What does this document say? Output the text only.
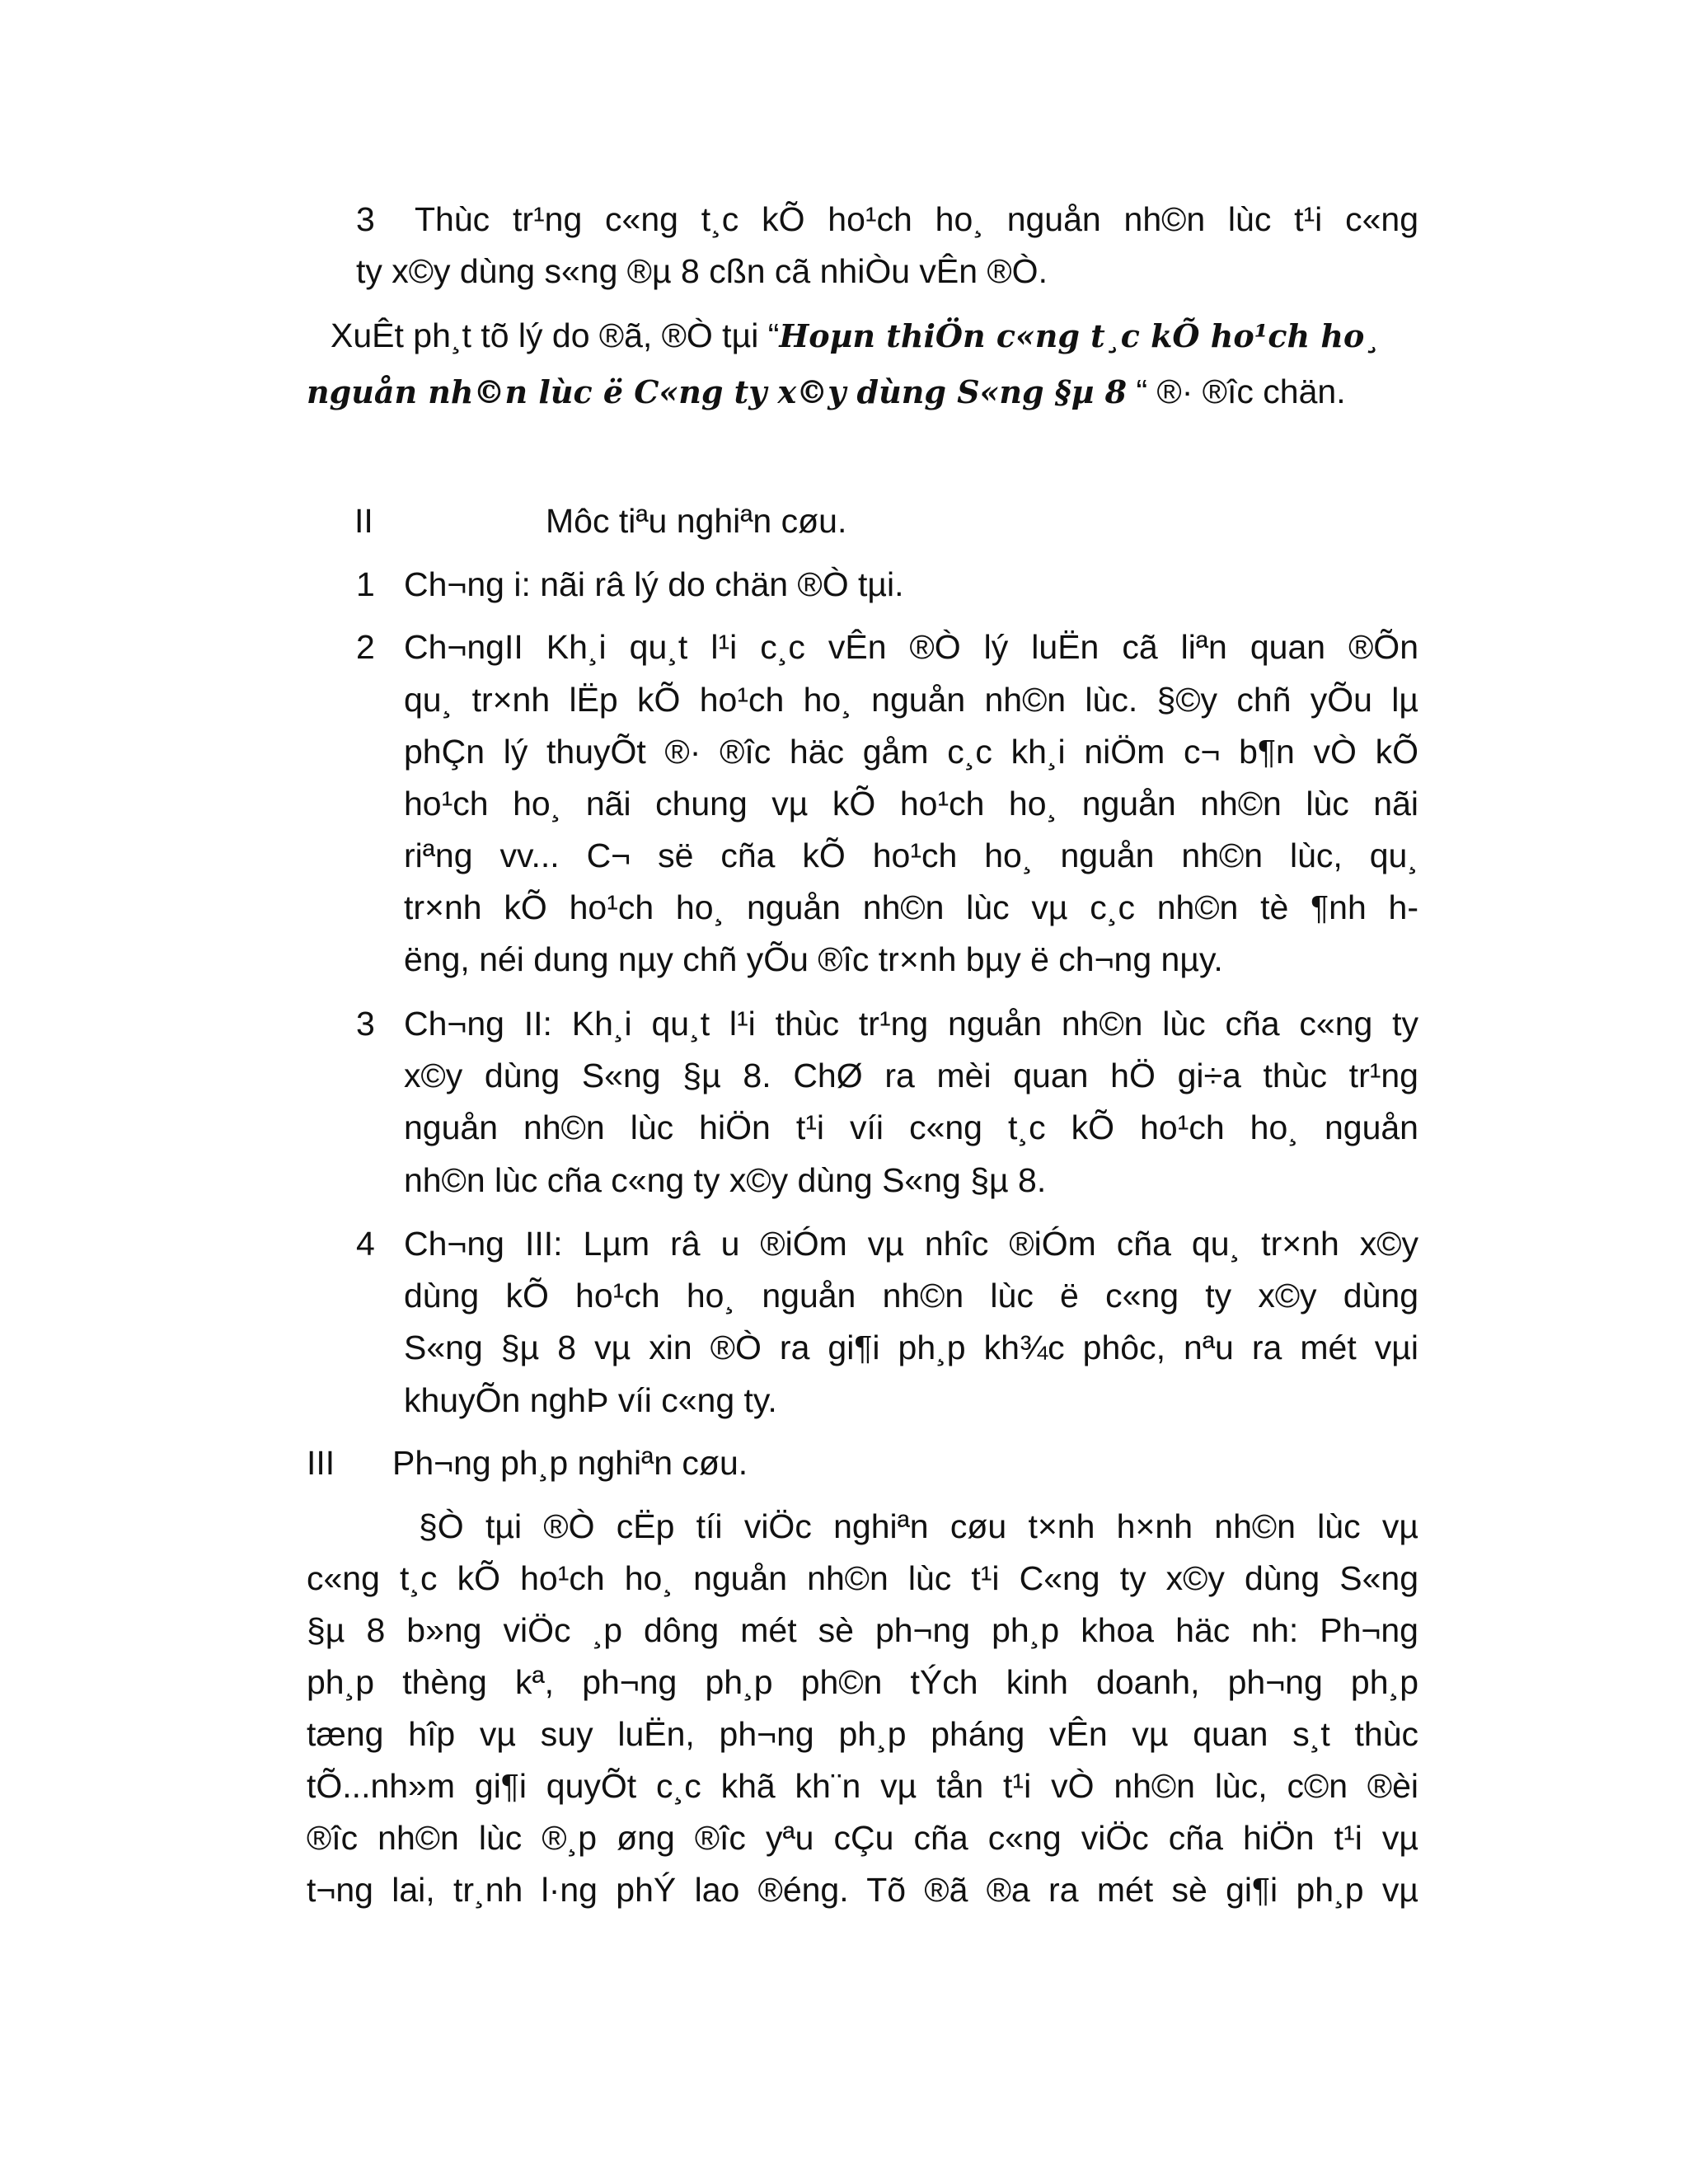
3 Thùc tr¹ng c«ng t¸c kÕ ho¹ch ho¸ nguån nh©n lùc t¹i c«ng
ty x©y dùng s«ng ®µ 8 cßn cã nhiÒu vÊn ®Ò.
XuÊt ph¸t tõ lý do ®ã, ®Ò tµi “Hoµn thiÖn c«ng t¸c kÕ ho¹ch ho¸
nguån nh©n lùc ë C«ng ty x©y dùng S«ng §µ 8 “ ®· ®îc chän.
II	Môc tiªu nghiªn cøu.
1 Ch¬ng i: nãi râ lý do chän ®Ò tµi.
2 Ch¬ngII Kh¸i qu¸t l¹i c¸c vÊn ®Ò lý luËn cã liªn quan ®Õn
qu¸ tr×nh lËp kÕ ho¹ch ho¸ nguån nh©n lùc. §©y chñ yÕu lµ
phÇn lý thuyÕt ®· ®îc häc gåm c¸c kh¸i niÖm c¬ b¶n vÒ kÕ
ho¹ch ho¸ nãi chung vµ kÕ ho¹ch ho¸ nguån nh©n lùc nãi
riªng vv... C¬ së cña kÕ ho¹ch ho¸ nguån nh©n lùc, qu¸
tr×nh kÕ ho¹ch ho¸ nguån nh©n lùc vµ c¸c nh©n tè ¶nh h-
ëng, néi dung nµy chñ yÕu ®îc tr×nh bµy ë ch¬ng nµy.
3 Ch¬ng II: Kh¸i qu¸t l¹i thùc tr¹ng nguån nh©n lùc cña c«ng ty
x©y dùng S«ng §µ 8. ChØ ra mèi quan hÖ gi÷a thùc tr¹ng
nguån nh©n lùc hiÖn t¹i víi c«ng t¸c kÕ ho¹ch ho¸ nguån
nh©n lùc cña c«ng ty x©y dùng S«ng §µ 8.
4 Ch¬ng III: Lµm râ u ®iÓm vµ nhîc ®iÓm cña qu¸ tr×nh x©y
dùng kÕ ho¹ch ho¸ nguån nh©n lùc ë c«ng ty x©y dùng
S«ng §µ 8 vµ xin ®Ò ra gi¶i ph¸p kh¾c phôc, nªu ra mét vµi
khuyÕn nghÞ víi c«ng ty.
III Ph¬ng ph¸p nghiªn cøu.
§Ò tµi ®Ò cËp tíi viÖc nghiªn cøu t×nh h×nh nh©n lùc vµ
c«ng t¸c kÕ ho¹ch ho¸ nguån nh©n lùc t¹i C«ng ty x©y dùng S«ng
§µ 8 b»ng viÖc ¸p dông mét sè ph¬ng ph¸p khoa häc nh: Ph¬ng
ph¸p thèng kª, ph¬ng ph¸p ph©n tÝch kinh doanh, ph¬ng ph¸p
tæng hîp vµ suy luËn, ph¬ng ph¸p pháng vÊn vµ quan s¸t thùc
tÕ...nh»m gi¶i quyÕt c¸c khã kh¨n vµ tån t¹i vÒ nh©n lùc, c©n ®èi
®îc nh©n lùc ®¸p øng ®îc yªu cÇu cña c«ng viÖc cña hiÖn t¹i vµ
t¬ng lai, tr¸nh l·ng phÝ lao ®éng. Tõ ®ã ®a ra mét sè gi¶i ph¸p vµ
